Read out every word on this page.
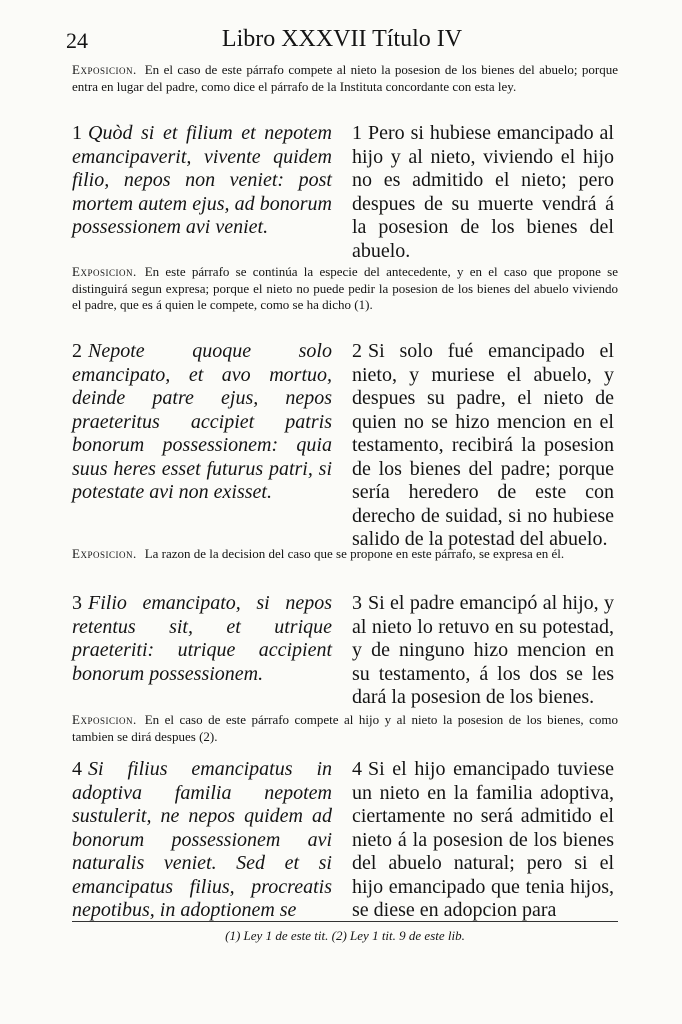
24	Libro XXXVII Título IV
Exposicion. En el caso de este párrafo compete al nieto la posesion de los bienes del abuelo; porque entra en lugar del padre, como dice el párrafo de la Instituta concordante con esta ley.
1 Quòd si et filium et nepotem emancipaverit, vivente quidem filio, nepos non veniet: post mortem autem ejus, ad bonorum possessionem avi veniet.
1 Pero si hubiese emancipado al hijo y al nieto, viviendo el hijo no es admitido el nieto; pero despues de su muerte vendrá á la posesion de los bienes del abuelo.
Exposicion. En este párrafo se continúa la especie del antecedente, y en el caso que propone se distinguirá segun expresa; porque el nieto no puede pedir la posesion de los bienes del abuelo viviendo el padre, que es á quien le compete, como se ha dicho (1).
2 Nepote quoque solo emancipato, et avo mortuo, deinde patre ejus, nepos praeteritus accipiet patris bonorum possessionem: quia suus heres esset futurus patri, si potestate avi non exisset.
2 Si solo fué emancipado el nieto, y muriese el abuelo, y despues su padre, el nieto de quien no se hizo mencion en el testamento, recibirá la posesion de los bienes del padre; porque sería heredero de este con derecho de suidad, si no hubiese salido de la potestad del abuelo.
Exposicion. La razon de la decision del caso que se propone en este párrafo, se expresa en él.
3 Filio emancipato, si nepos retentus sit, et utrique praeteriti: utrique accipient bonorum possessionem.
3 Si el padre emancipó al hijo, y al nieto lo retuvo en su potestad, y de ninguno hizo mencion en su testamento, á los dos se les dará la posesion de los bienes.
Exposicion. En el caso de este párrafo compete al hijo y al nieto la posesion de los bienes, como tambien se dirá despues (2).
4 Si filius emancipatus in adoptiva familia nepotem sustulerit, ne nepos quidem ad bonorum possessionem avi naturalis veniet. Sed et si emancipatus filius, procreatis nepotibus, in adoptionem se
4 Si el hijo emancipado tuviese un nieto en la familia adoptiva, ciertamente no será admitido el nieto á la posesion de los bienes del abuelo natural; pero si el hijo emancipado que tenia hijos, se diese en adopcion para
(1) Ley 1 de este tit. (2) Ley 1 tit. 9 de este lib.
